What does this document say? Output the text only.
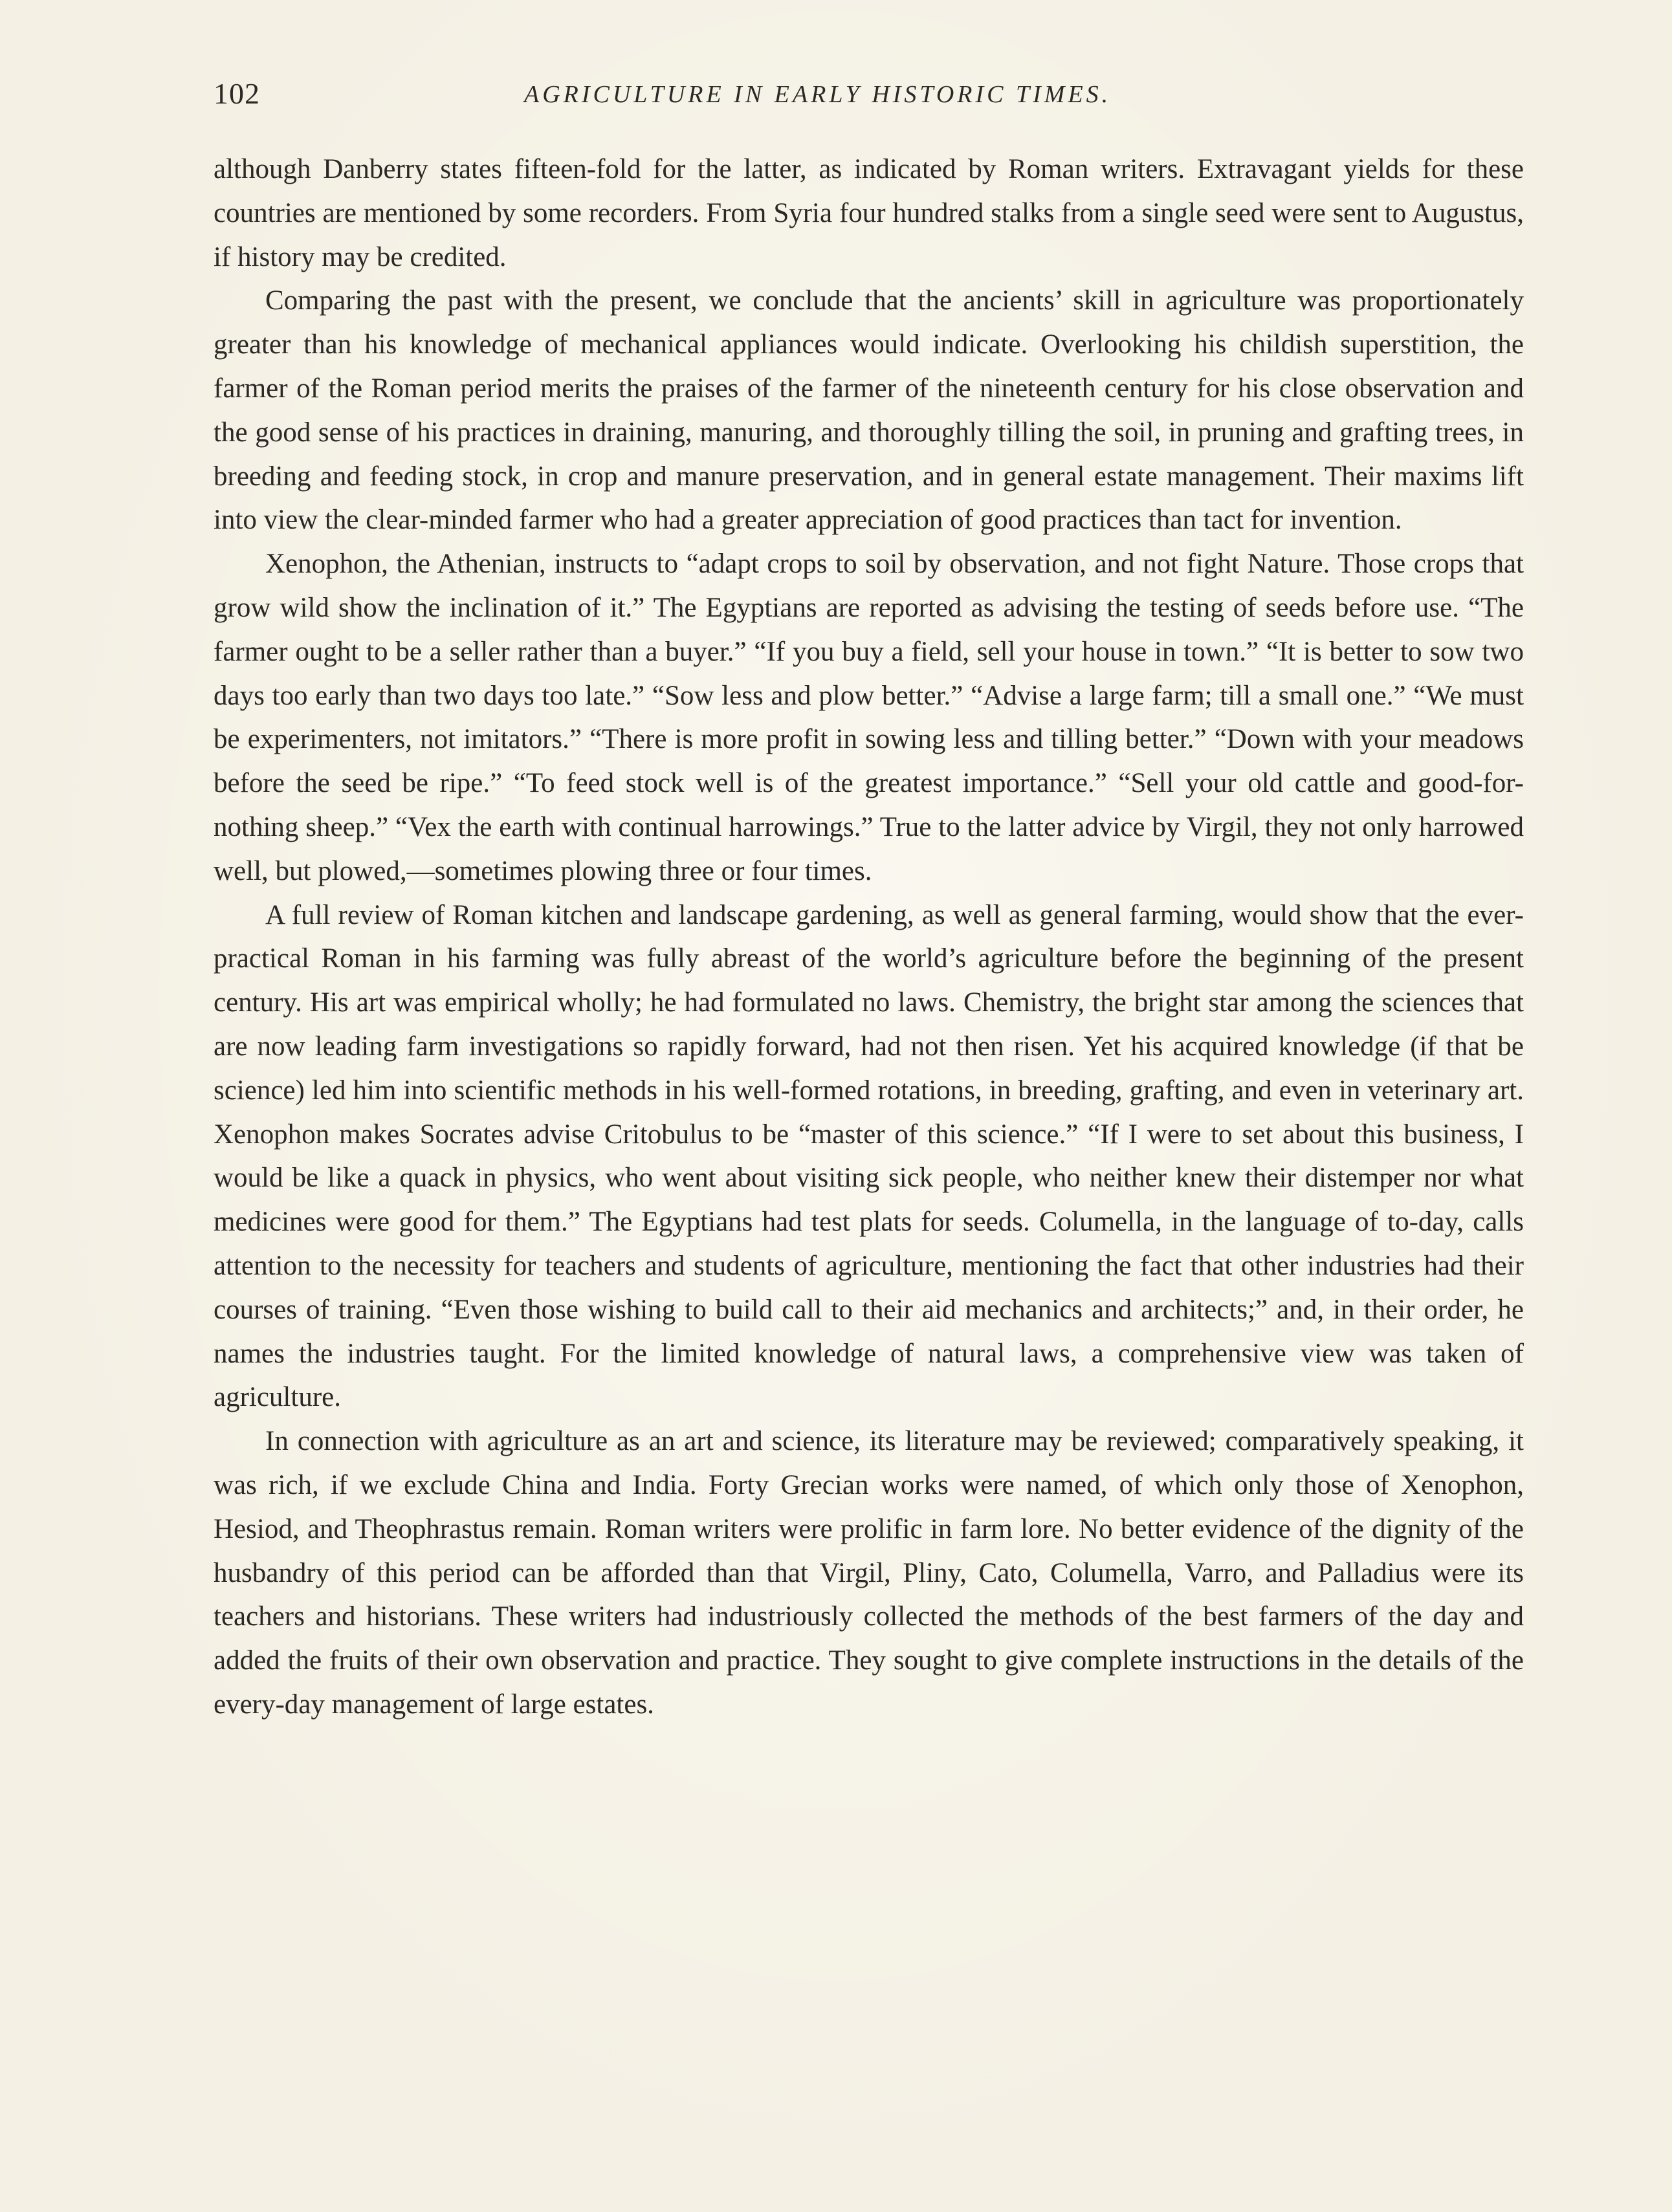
102	AGRICULTURE IN EARLY HISTORIC TIMES.

although Danberry states fifteen-fold for the latter, as indicated by Roman writers. Extravagant yields for these countries are mentioned by some recorders. From Syria four hundred stalks from a single seed were sent to Augustus, if history may be credited.

Comparing the past with the present, we conclude that the ancients’ skill in agriculture was proportionately greater than his knowledge of mechanical appliances would indicate. Overlooking his childish superstition, the farmer of the Roman period merits the praises of the farmer of the nineteenth century for his close observation and the good sense of his practices in draining, manuring, and thoroughly tilling the soil, in pruning and grafting trees, in breeding and feeding stock, in crop and manure preservation, and in general estate management. Their maxims lift into view the clear-minded farmer who had a greater appreciation of good practices than tact for invention.

Xenophon, the Athenian, instructs to “adapt crops to soil by observation, and not fight Nature. Those crops that grow wild show the inclination of it.” The Egyptians are reported as advising the testing of seeds before use. “The farmer ought to be a seller rather than a buyer.” “If you buy a field, sell your house in town.” “It is better to sow two days too early than two days too late.” “Sow less and plow better.” “Advise a large farm; till a small one.” “We must be experimenters, not imitators.” “There is more profit in sowing less and tilling better.” “Down with your meadows before the seed be ripe.” “To feed stock well is of the greatest importance.” “Sell your old cattle and good-for-nothing sheep.” “Vex the earth with continual harrowings.” True to the latter advice by Virgil, they not only harrowed well, but plowed,—sometimes plowing three or four times.

A full review of Roman kitchen and landscape gardening, as well as general farming, would show that the ever-practical Roman in his farming was fully abreast of the world’s agriculture before the beginning of the present century. His art was empirical wholly; he had formulated no laws. Chemistry, the bright star among the sciences that are now leading farm investigations so rapidly forward, had not then risen. Yet his acquired knowledge (if that be science) led him into scientific methods in his well-formed rotations, in breeding, grafting, and even in veterinary art. Xenophon makes Socrates advise Critobulus to be “master of this science.” “If I were to set about this business, I would be like a quack in physics, who went about visiting sick people, who neither knew their distemper nor what medicines were good for them.” The Egyptians had test plats for seeds. Columella, in the language of to-day, calls attention to the necessity for teachers and students of agriculture, mentioning the fact that other industries had their courses of training. “Even those wishing to build call to their aid mechanics and architects;” and, in their order, he names the industries taught. For the limited knowledge of natural laws, a comprehensive view was taken of agriculture.

In connection with agriculture as an art and science, its literature may be reviewed; comparatively speaking, it was rich, if we exclude China and India. Forty Grecian works were named, of which only those of Xenophon, Hesiod, and Theophrastus remain. Roman writers were prolific in farm lore. No better evidence of the dignity of the husbandry of this period can be afforded than that Virgil, Pliny, Cato, Columella, Varro, and Palladius were its teachers and historians. These writers had industriously collected the methods of the best farmers of the day and added the fruits of their own observation and practice. They sought to give complete instructions in the details of the every-day management of large estates.
